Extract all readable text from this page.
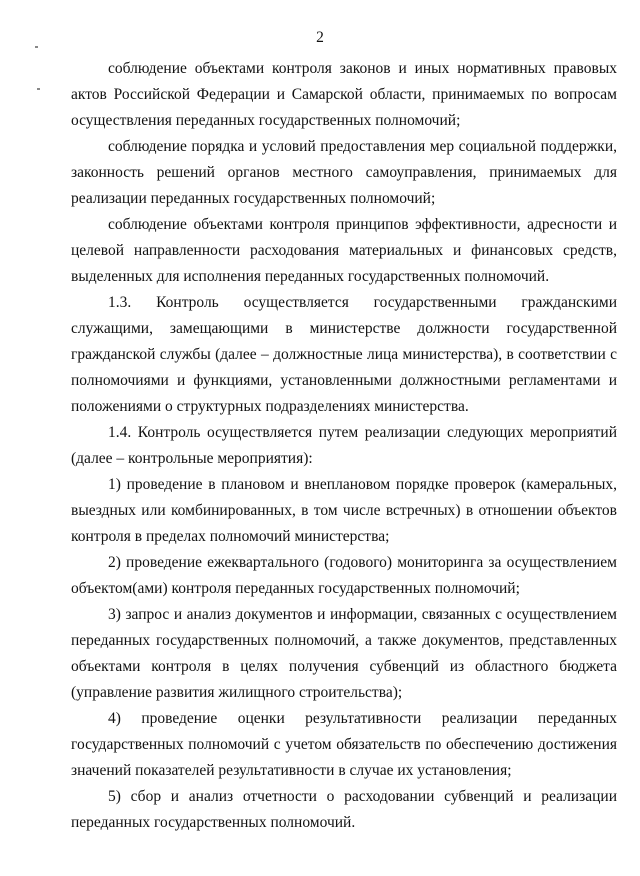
2

соблюдение объектами контроля законов и иных нормативных правовых актов Российской Федерации и Самарской области, принимаемых по вопросам осуществления переданных государственных полномочий;

соблюдение порядка и условий предоставления мер социальной поддержки, законность решений органов местного самоуправления, принимаемых для реализации переданных государственных полномочий;

соблюдение объектами контроля принципов эффективности, адресности и целевой направленности расходования материальных и финансовых средств, выделенных для исполнения переданных государственных полномочий.

1.3. Контроль осуществляется государственными гражданскими служащими, замещающими в министерстве должности государственной гражданской службы (далее – должностные лица министерства), в соответствии с полномочиями и функциями, установленными должностными регламентами и положениями о структурных подразделениях министерства.

1.4. Контроль осуществляется путем реализации следующих мероприятий (далее – контрольные мероприятия):

1) проведение в плановом и внеплановом порядке проверок (камеральных, выездных или комбинированных, в том числе встречных) в отношении объектов контроля в пределах полномочий министерства;

2) проведение ежеквартального (годового) мониторинга за осуществлением объектом(ами) контроля переданных государственных полномочий;

3) запрос и анализ документов и информации, связанных с осуществлением переданных государственных полномочий, а также документов, представленных объектами контроля в целях получения субвенций из областного бюджета (управление развития жилищного строительства);

4) проведение оценки результативности реализации переданных государственных полномочий с учетом обязательств по обеспечению достижения значений показателей результативности в случае их установления;

5) сбор и анализ отчетности о расходовании субвенций и реализации переданных государственных полномочий.
